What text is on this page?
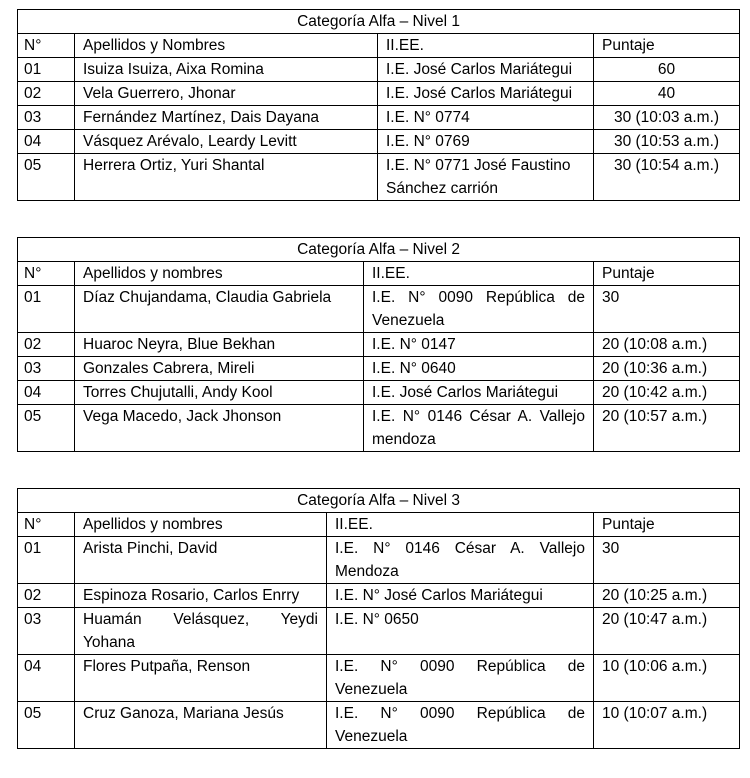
Categoría Alfa – Nivel 1			
N°	Apellidos y Nombres	II.EE.	Puntaje
01	Isuiza Isuiza, Aixa Romina	I.E. José Carlos Mariátegui	60
02	Vela Guerrero, Jhonar	I.E. José Carlos Mariátegui	40
03	Fernández Martínez, Dais Dayana	I.E. N° 0774	30 (10:03 a.m.)
04	Vásquez Arévalo, Leardy Levitt	I.E. N° 0769	30 (10:53 a.m.)
05	Herrera Ortiz, Yuri Shantal	I.E. N° 0771 José Faustino Sánchez carrión	30 (10:54 a.m.)
Categoría Alfa – Nivel 2			
N°	Apellidos y nombres	II.EE.	Puntaje
01	Díaz Chujandama, Claudia Gabriela	I.E. N° 0090 República de Venezuela	30
02	Huaroc Neyra, Blue Bekhan	I.E. N° 0147	20 (10:08 a.m.)
03	Gonzales Cabrera, Mireli	I.E. N° 0640	20 (10:36 a.m.)
04	Torres Chujutalli, Andy Kool	I.E. José Carlos Mariátegui	20 (10:42 a.m.)
05	Vega Macedo, Jack Jhonson	I.E. N° 0146 César A. Vallejo mendoza	20 (10:57 a.m.)
Categoría Alfa – Nivel 3			
N°	Apellidos y nombres	II.EE.	Puntaje
01	Arista Pinchi, David	I.E. N° 0146 César A. Vallejo Mendoza	30
02	Espinoza Rosario, Carlos Enrry	I.E. N° José Carlos Mariátegui	20 (10:25 a.m.)
03	Huamán Velásquez, Yeydi Yohana	I.E. N° 0650	20 (10:47 a.m.)
04	Flores Putpaña, Renson	I.E. N° 0090 República de Venezuela	10 (10:06 a.m.)
05	Cruz Ganoza, Mariana Jesús	I.E. N° 0090 República de Venezuela	10 (10:07 a.m.)
